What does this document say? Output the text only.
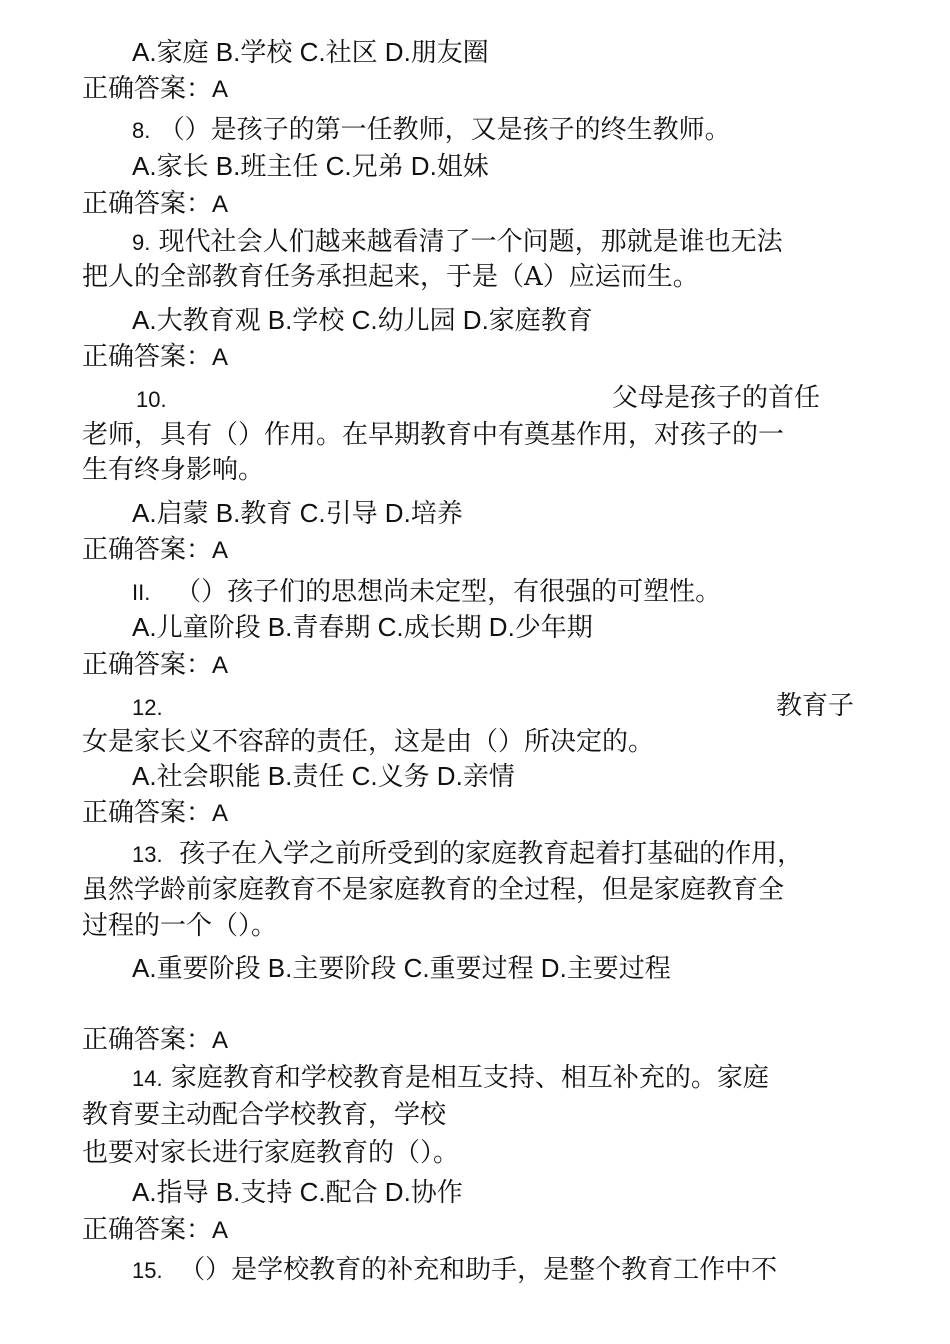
A.家庭 B.学校 C.社区 D.朋友圈
正确答案：A
8. （）是孩子的第一任教师，又是孩子的终生教师。
A.家长 B.班主任 C.兄弟 D.姐妹
正确答案：A
9. 现代社会人们越来越看清了一个问题，那就是谁也无法
把人的全部教育任务承担起来，于是（A）应运而生。
A.大教育观 B.学校 C.幼儿园 D.家庭教育
正确答案：A
10.	父母是孩子的首任
老师，具有（）作用。在早期教育中有奠基作用，对孩子的一
生有终身影响。
A.启蒙 B.教育 C.引导 D.培养
正确答案：A
II. （）孩子们的思想尚未定型，有很强的可塑性。
A.儿童阶段 B.青春期 C.成长期 D.少年期
正确答案：A
12.	教育子
女是家长义不容辞的责任，这是由（）所决定的。
A.社会职能 B.责任 C.义务 D.亲情
正确答案：A
13. 孩子在入学之前所受到的家庭教育起着打基础的作用，
虽然学龄前家庭教育不是家庭教育的全过程，但是家庭教育全
过程的一个（）。
A.重要阶段 B.主要阶段 C.重要过程 D.主要过程
正确答案：A
14. 家庭教育和学校教育是相互支持、相互补充的。家庭
教育要主动配合学校教育，学校
也要对家长进行家庭教育的（）。
A.指导 B.支持 C.配合 D.协作
正确答案：A
15. （）是学校教育的补充和助手，是整个教育工作中不
